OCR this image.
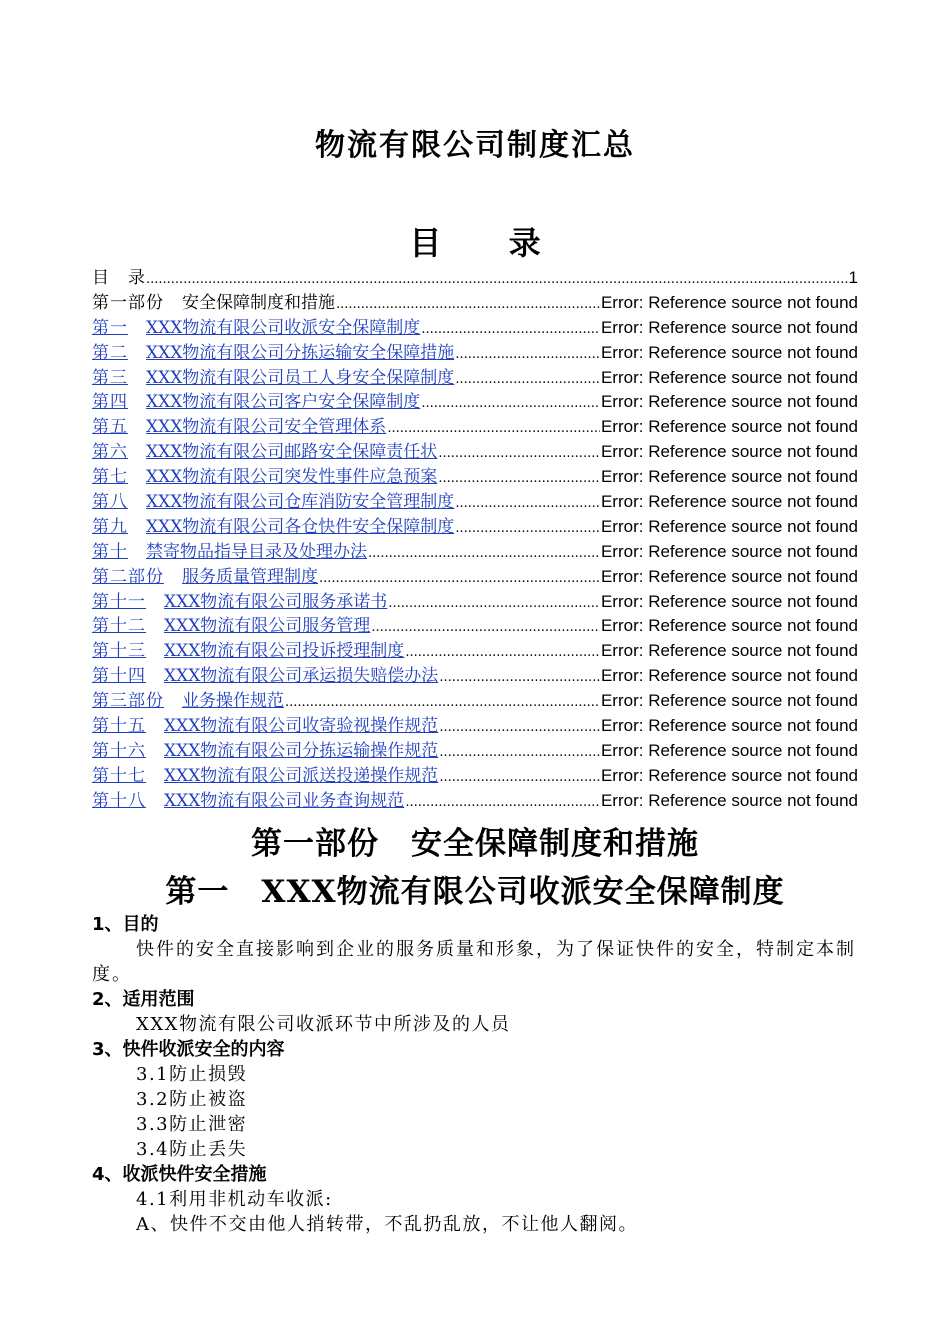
物流有限公司制度汇总
目 录
目 录 .....	1
第一部份 安全保障制度和措施 .....	Error: Reference source not found
第一 XXX物流有限公司收派安全保障制度 .....	Error: Reference source not found
第二 XXX物流有限公司分拣运输安全保障措施 .....	Error: Reference source not found
第三 XXX物流有限公司员工人身安全保障制度 .....	Error: Reference source not found
第四 XXX物流有限公司客户安全保障制度 .....	Error: Reference source not found
第五 XXX物流有限公司安全管理体系 .....	Error: Reference source not found
第六 XXX物流有限公司邮路安全保障责任状 .....	Error: Reference source not found
第七 XXX物流有限公司突发性事件应急预案 .....	Error: Reference source not found
第八 XXX物流有限公司仓库消防安全管理制度 .....	Error: Reference source not found
第九 XXX物流有限公司各仓快件安全保障制度 .....	Error: Reference source not found
第十 禁寄物品指导目录及处理办法 .....	Error: Reference source not found
第二部份 服务质量管理制度 .....	Error: Reference source not found
第十一 XXX物流有限公司服务承诺书 .....	Error: Reference source not found
第十二 XXX物流有限公司服务管理 .....	Error: Reference source not found
第十三 XXX物流有限公司投诉授理制度 .....	Error: Reference source not found
第十四 XXX物流有限公司承运损失赔偿办法 .....	Error: Reference source not found
第三部份 业务操作规范 .....	Error: Reference source not found
第十五 XXX物流有限公司收寄验视操作规范 .....	Error: Reference source not found
第十六 XXX物流有限公司分拣运输操作规范 .....	Error: Reference source not found
第十七 XXX物流有限公司派送投递操作规范 .....	Error: Reference source not found
第十八 XXX物流有限公司业务查询规范 .....	Error: Reference source not found
第一部份　安全保障制度和措施
第一　XXX物流有限公司收派安全保障制度
1、目的
快件的安全直接影响到企业的服务质量和形象，为了保证快件的安全，特制定本制度。
2、适用范围
XXX物流有限公司收派环节中所涉及的人员
3、快件收派安全的内容
3.1防止损毁
3.2防止被盗
3.3防止泄密
3.4防止丢失
4、收派快件安全措施
4.1利用非机动车收派:
A、快件不交由他人捎转带，不乱扔乱放，不让他人翻阅。
